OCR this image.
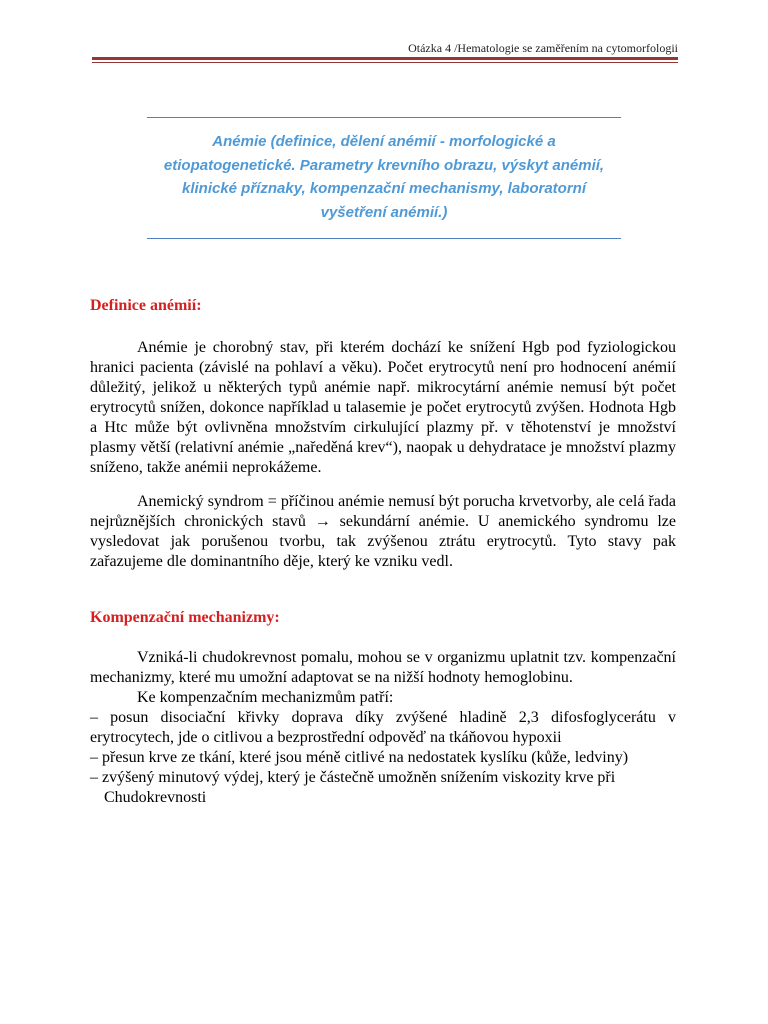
Otázka 4 /Hematologie se zaměřením na cytomorfologii

Anémie (definice, dělení anémií - morfologické a etiopatogenetické. Parametry krevního obrazu, výskyt anémií, klinické příznaky, kompenzační mechanismy, laboratorní vyšetření anémií.)

Definice anémií:

Anémie je chorobný stav, při kterém dochází ke snížení Hgb pod fyziologickou hranici pacienta (závislé na pohlaví a věku). Počet erytrocytů není pro hodnocení anémií důležitý, jelikož u některých typů anémie např. mikrocytární anémie nemusí být počet erytrocytů snížen, dokonce například u talasemie je počet erytrocytů zvýšen. Hodnota Hgb a Htc může být ovlivněna množstvím cirkulující plazmy př. v těhotenství je množství plasmy větší (relativní anémie „naředěná krev“), naopak u dehydratace je množství plazmy sníženo, takže anémii neprokážeme.

Anemický syndrom = příčinou anémie nemusí být porucha krvetvorby, ale celá řada nejrůznějších chronických stavů → sekundární anémie. U anemického syndromu lze vysledovat jak porušenou tvorbu, tak zvýšenou ztrátu erytrocytů. Tyto stavy pak zařazujeme dle dominantního děje, který ke vzniku vedl.

Kompenzační mechanizmy:

Vzniká-li chudokrevnost pomalu, mohou se v organizmu uplatnit tzv. kompenzační mechanizmy, které mu umožní adaptovat se na nižší hodnoty hemoglobinu.

Ke kompenzačním mechanizmům patří:

– posun disociační křivky doprava díky zvýšené hladině 2,3 difosfoglycerátu v erytrocytech, jde o citlivou a bezprostřední odpověď na tkáňovou hypoxii

– přesun krve ze tkání, které jsou méně citlivé na nedostatek kyslíku (kůže, ledviny)

– zvýšený minutový výdej, který je částečně umožněn snížením viskozity krve při

Chudokrevnosti
